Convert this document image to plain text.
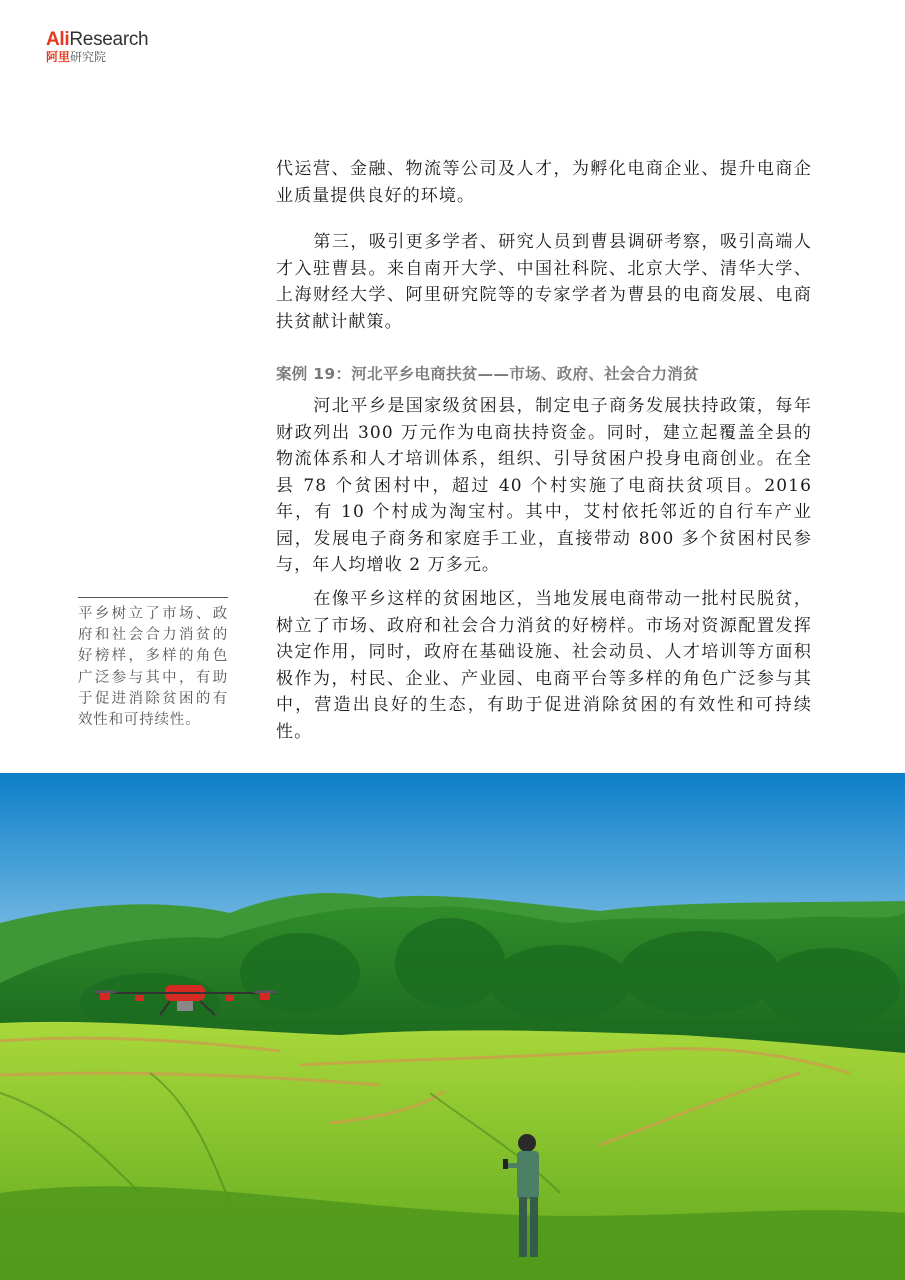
AliResearch
阿里研究院

代运营、金融、物流等公司及人才，为孵化电商企业、提升电商企业质量提供良好的环境。

第三，吸引更多学者、研究人员到曹县调研考察，吸引高端人才入驻曹县。来自南开大学、中国社科院、北京大学、清华大学、上海财经大学、阿里研究院等的专家学者为曹县的电商发展、电商扶贫献计献策。

案例 19：河北平乡电商扶贫——市场、政府、社会合力消贫

河北平乡是国家级贫困县，制定电子商务发展扶持政策，每年财政列出 300 万元作为电商扶持资金。同时，建立起覆盖全县的物流体系和人才培训体系，组织、引导贫困户投身电商创业。在全县 78 个贫困村中，超过 40 个村实施了电商扶贫项目。2016 年，有 10 个村成为淘宝村。其中，艾村依托邻近的自行车产业园，发展电子商务和家庭手工业，直接带动 800 多个贫困村民参与，年人均增收 2 万多元。

在像平乡这样的贫困地区，当地发展电商带动一批村民脱贫，树立了市场、政府和社会合力消贫的好榜样。市场对资源配置发挥决定作用，同时，政府在基础设施、社会动员、人才培训等方面积极作为，村民、企业、产业园、电商平台等多样的角色广泛参与其中，营造出良好的生态，有助于促进消除贫困的有效性和可持续性。

平乡树立了市场、政府和社会合力消贫的好榜样，多样的角色广泛参与其中，有助于促进消除贫困的有效性和可持续性。
